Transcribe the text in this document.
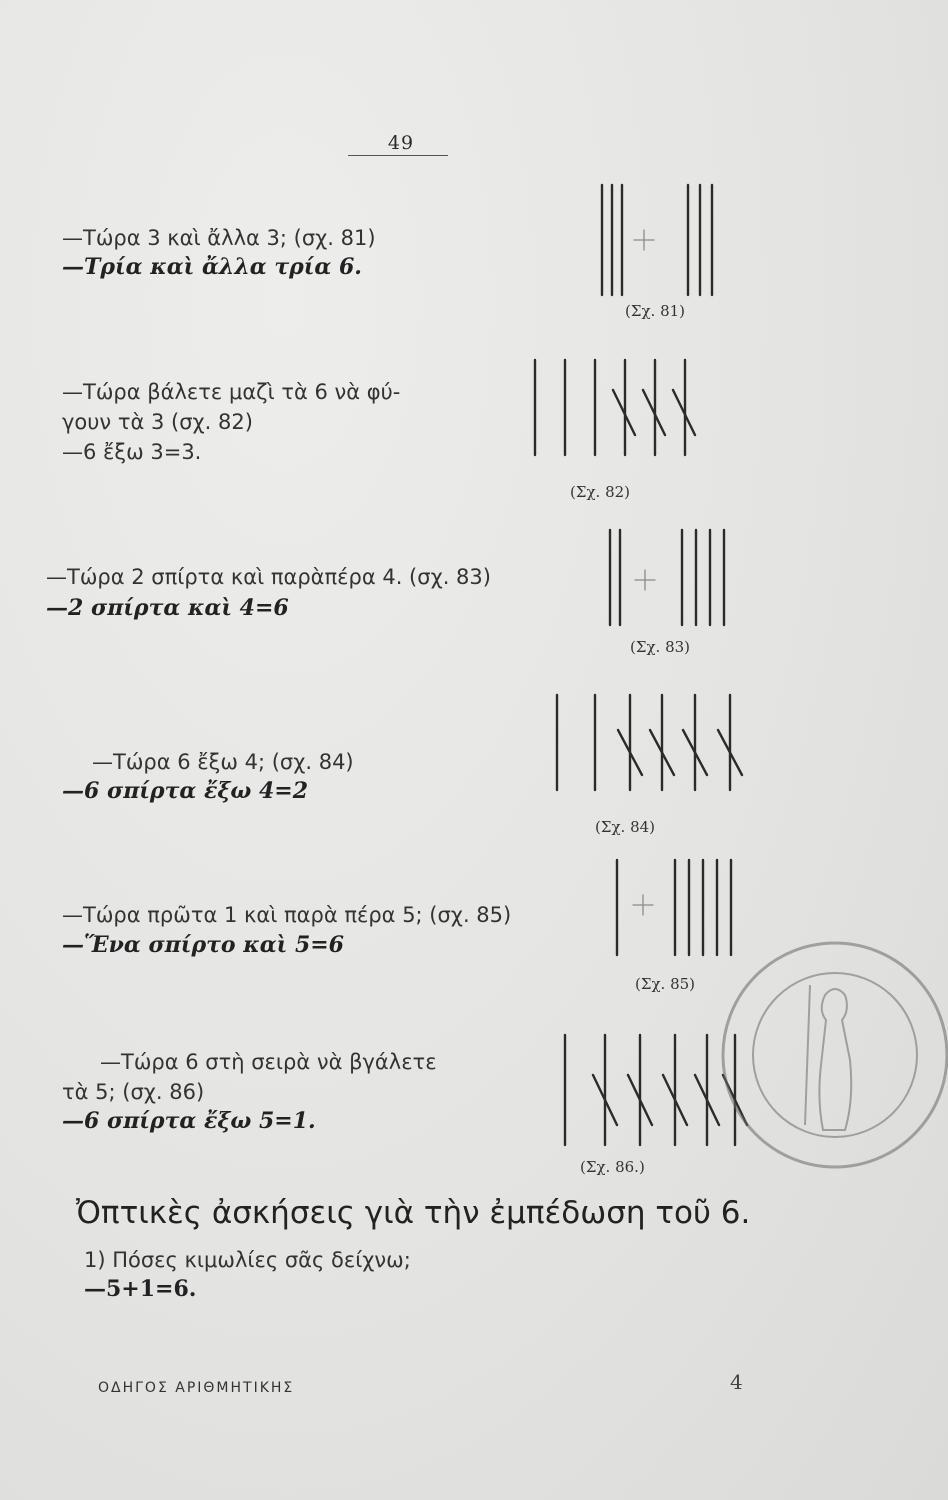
49
—Τώρα 3 καὶ ἄλλα 3; (σχ. 81)
—Τρία καὶ ἄλλα τρία 6.
(Σχ. 81)
—Τώρα βάλετε μαζὶ τὰ 6 νὰ φύ-
γουν τὰ 3 (σχ. 82)
—6 ἔξω 3=3.
(Σχ. 82)
—Τώρα 2 σπίρτα καὶ παρὰπέρα 4. (σχ. 83)
—2 σπίρτα καὶ 4=6
(Σχ. 83)
—Τώρα 6 ἔξω 4; (σχ. 84)
—6 σπίρτα ἔξω 4=2
(Σχ. 84)
—Τώρα πρῶτα 1 καὶ παρὰ πέρα 5; (σχ. 85)
—Ἕνα σπίρτο καὶ 5=6
(Σχ. 85)
—Τώρα 6 στὴ σειρὰ νὰ βγάλετε
τὰ 5; (σχ. 86)
—6 σπίρτα ἔξω 5=1.
(Σχ. 86.)
Ὀπτικὲς ἀσκήσεις γιὰ τὴν ἐμπέδωση τοῦ 6.
1) Πόσες κιμωλίες σᾶς δείχνω;
—5+1=6.
ΟΔΗΓΟΣ ΑΡΙΘΜΗΤΙΚΗΣ	4
